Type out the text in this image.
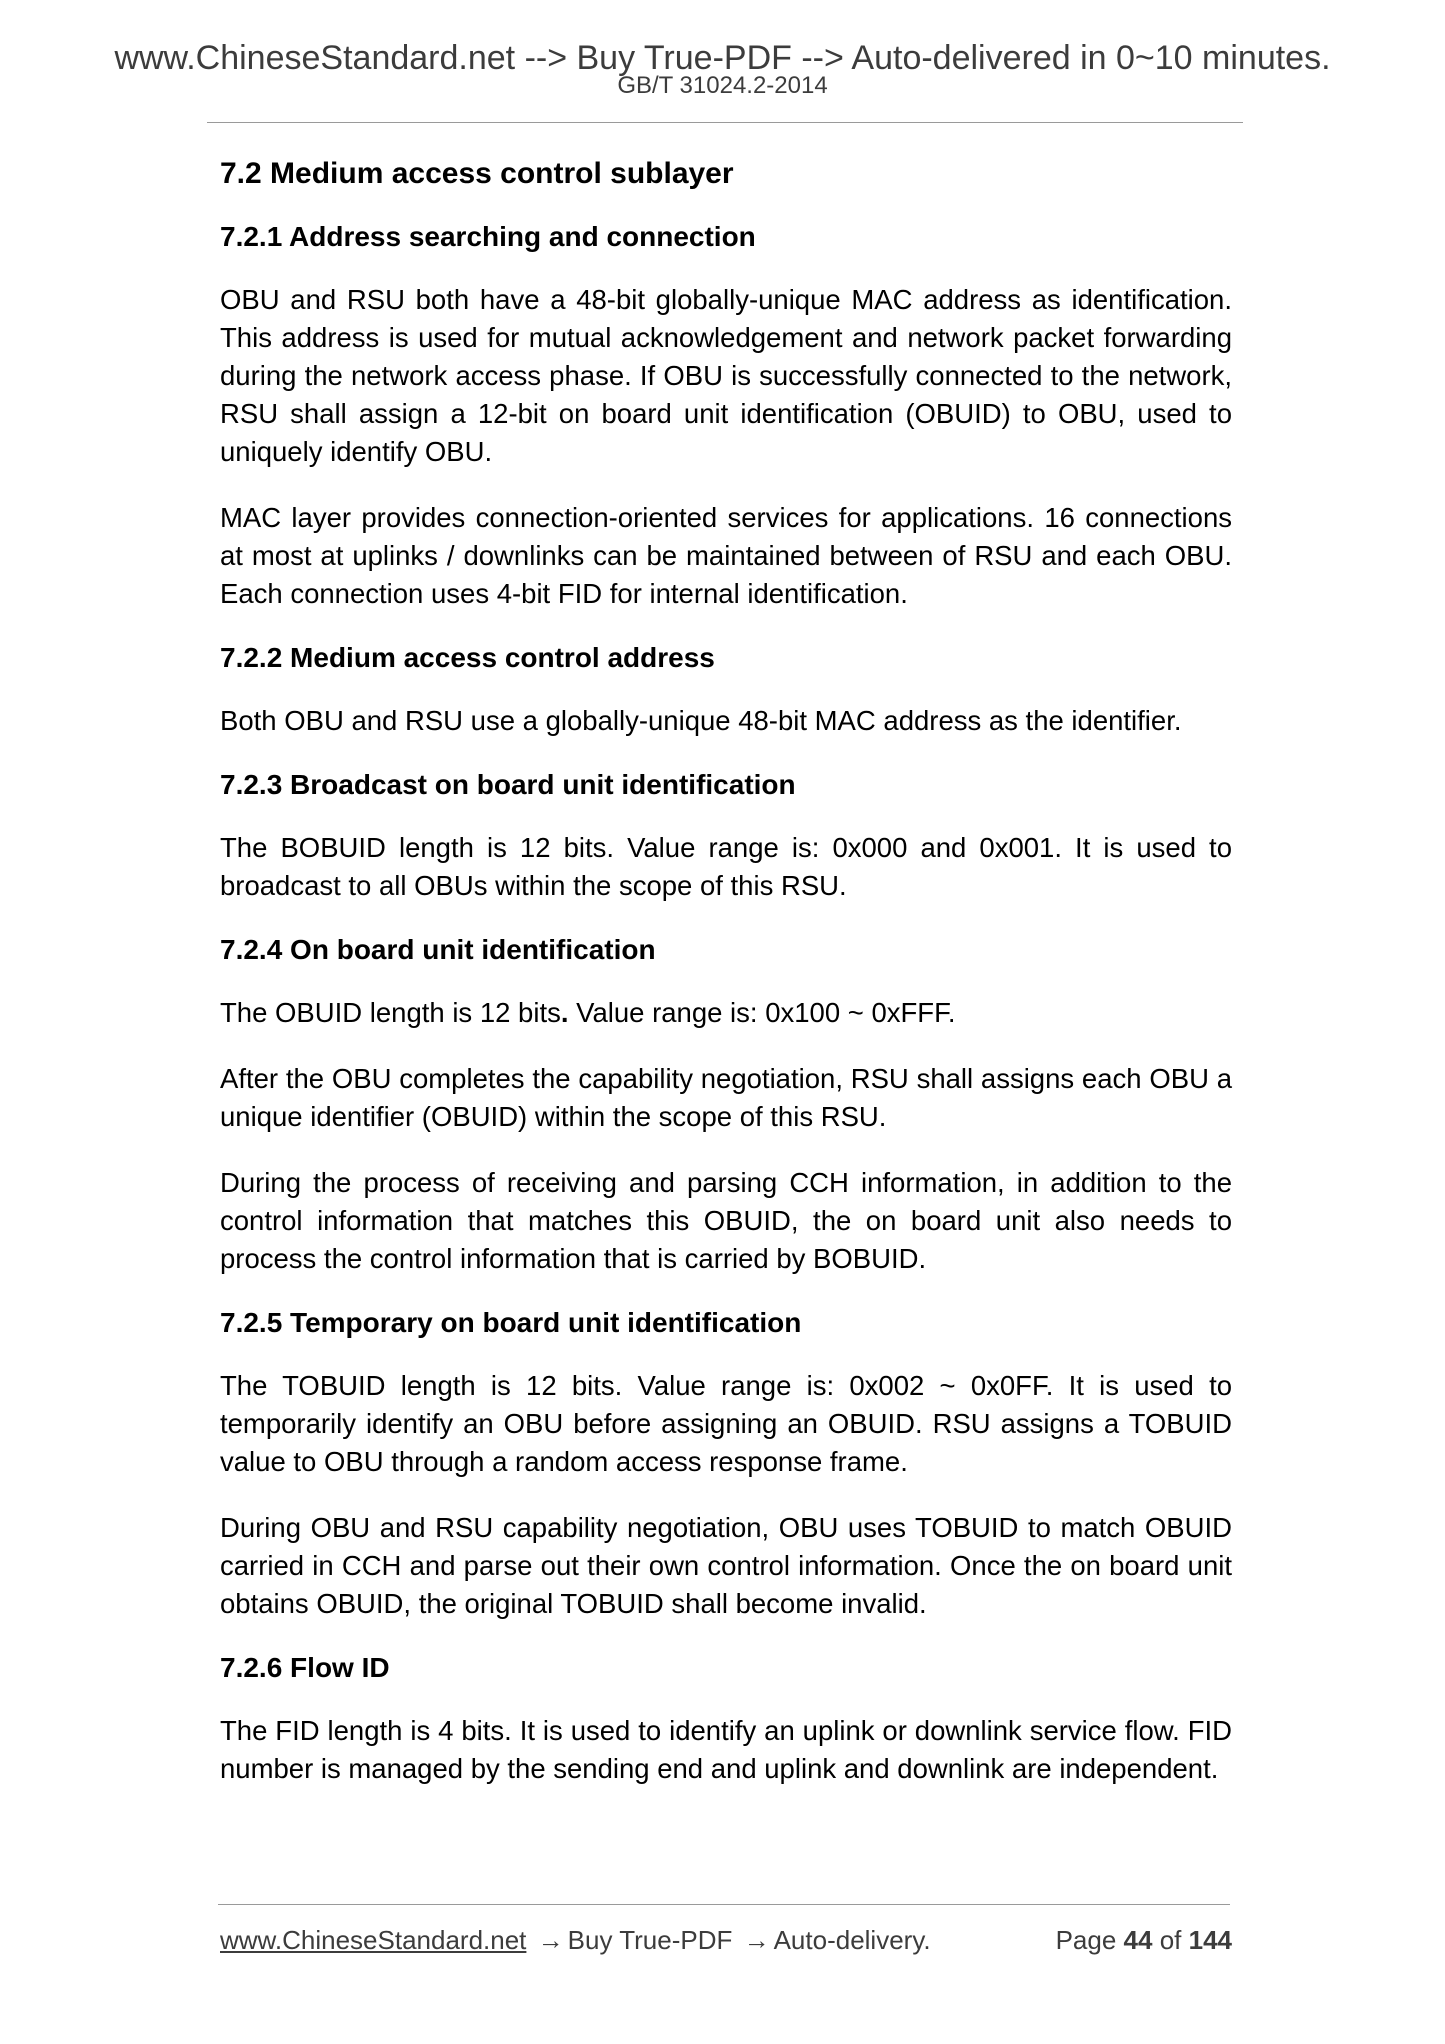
www.ChineseStandard.net --> Buy True-PDF --> Auto-delivered in 0~10 minutes.
GB/T 31024.2-2014
7.2 Medium access control sublayer
7.2.1 Address searching and connection
OBU and RSU both have a 48-bit globally-unique MAC address as identification. This address is used for mutual acknowledgement and network packet forwarding during the network access phase. If OBU is successfully connected to the network, RSU shall assign a 12-bit on board unit identification (OBUID) to OBU, used to uniquely identify OBU.
MAC layer provides connection-oriented services for applications. 16 connections at most at uplinks / downlinks can be maintained between of RSU and each OBU. Each connection uses 4-bit FID for internal identification.
7.2.2 Medium access control address
Both OBU and RSU use a globally-unique 48-bit MAC address as the identifier.
7.2.3 Broadcast on board unit identification
The BOBUID length is 12 bits. Value range is: 0x000 and 0x001. It is used to broadcast to all OBUs within the scope of this RSU.
7.2.4 On board unit identification
The OBUID length is 12 bits. Value range is: 0x100 ~ 0xFFF.
After the OBU completes the capability negotiation, RSU shall assigns each OBU a unique identifier (OBUID) within the scope of this RSU.
During the process of receiving and parsing CCH information, in addition to the control information that matches this OBUID, the on board unit also needs to process the control information that is carried by BOBUID.
7.2.5 Temporary on board unit identification
The TOBUID length is 12 bits. Value range is: 0x002 ~ 0x0FF. It is used to temporarily identify an OBU before assigning an OBUID. RSU assigns a TOBUID value to OBU through a random access response frame.
During OBU and RSU capability negotiation, OBU uses TOBUID to match OBUID carried in CCH and parse out their own control information. Once the on board unit obtains OBUID, the original TOBUID shall become invalid.
7.2.6 Flow ID
The FID length is 4 bits. It is used to identify an uplink or downlink service flow. FID number is managed by the sending end and uplink and downlink are independent.
www.ChineseStandard.net → Buy True-PDF → Auto-delivery.	Page 44 of 144
